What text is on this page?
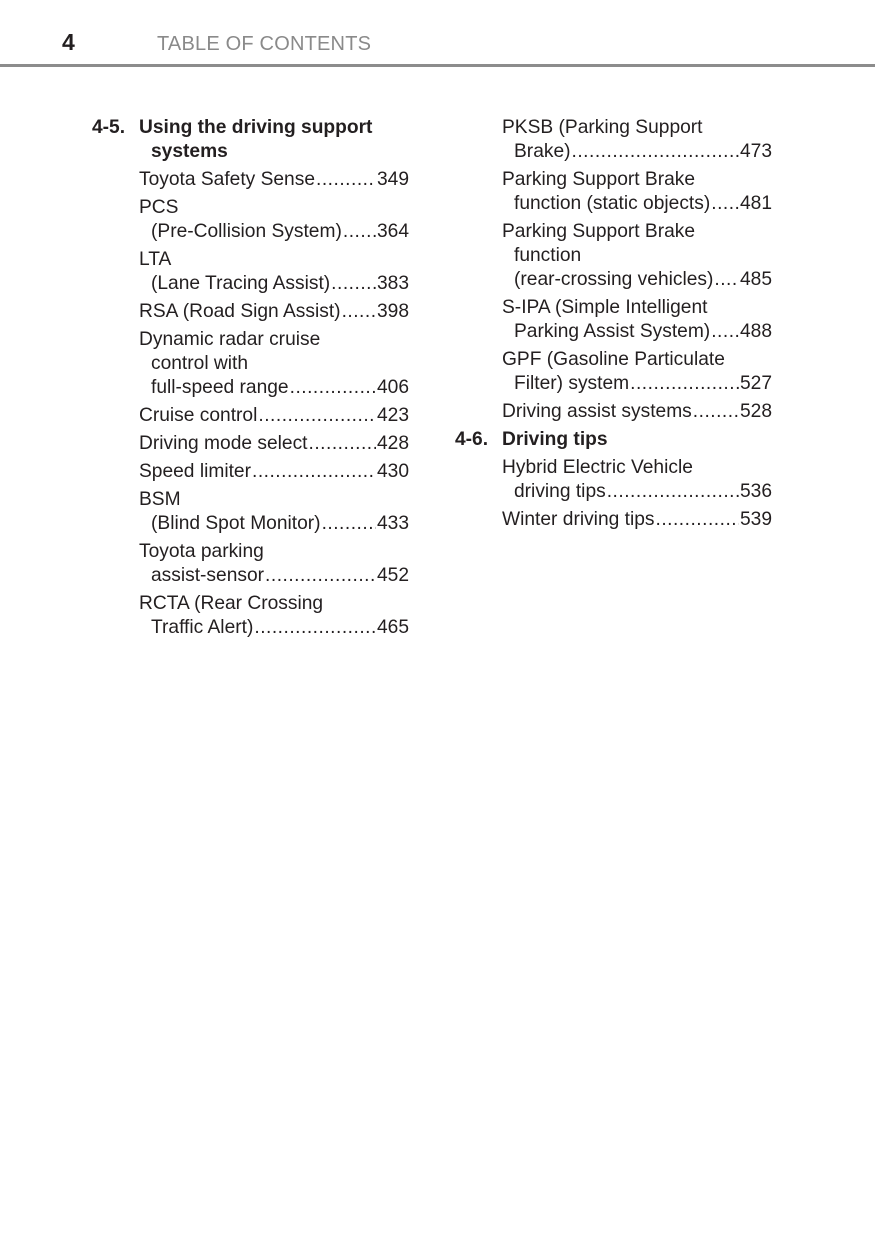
4	TABLE OF CONTENTS
4-5. Using the driving support systems
Toyota Safety Sense .....	349
PCS
(Pre-Collision System) ..... 364
LTA
(Lane Tracing Assist) ..... 383
RSA (Road Sign Assist) ..... 398
Dynamic radar cruise
control with
full-speed range .....	406
Cruise control .....	423
Driving mode select .....	428
Speed limiter .....	430
BSM
(Blind Spot Monitor) .....	433
Toyota parking
assist-sensor .....	452
RCTA (Rear Crossing
Traffic Alert) .....	465
PKSB (Parking Support
Brake) .....	473
Parking Support Brake
function (static objects) ..... 481
Parking Support Brake
function
(rear-crossing vehicles) ..... 485
S-IPA (Simple Intelligent
Parking Assist System) ..... 488
GPF (Gasoline Particulate
Filter) system .....	527
Driving assist systems .....	528
4-6. Driving tips
Hybrid Electric Vehicle
driving tips .....	536
Winter driving tips .....	539
